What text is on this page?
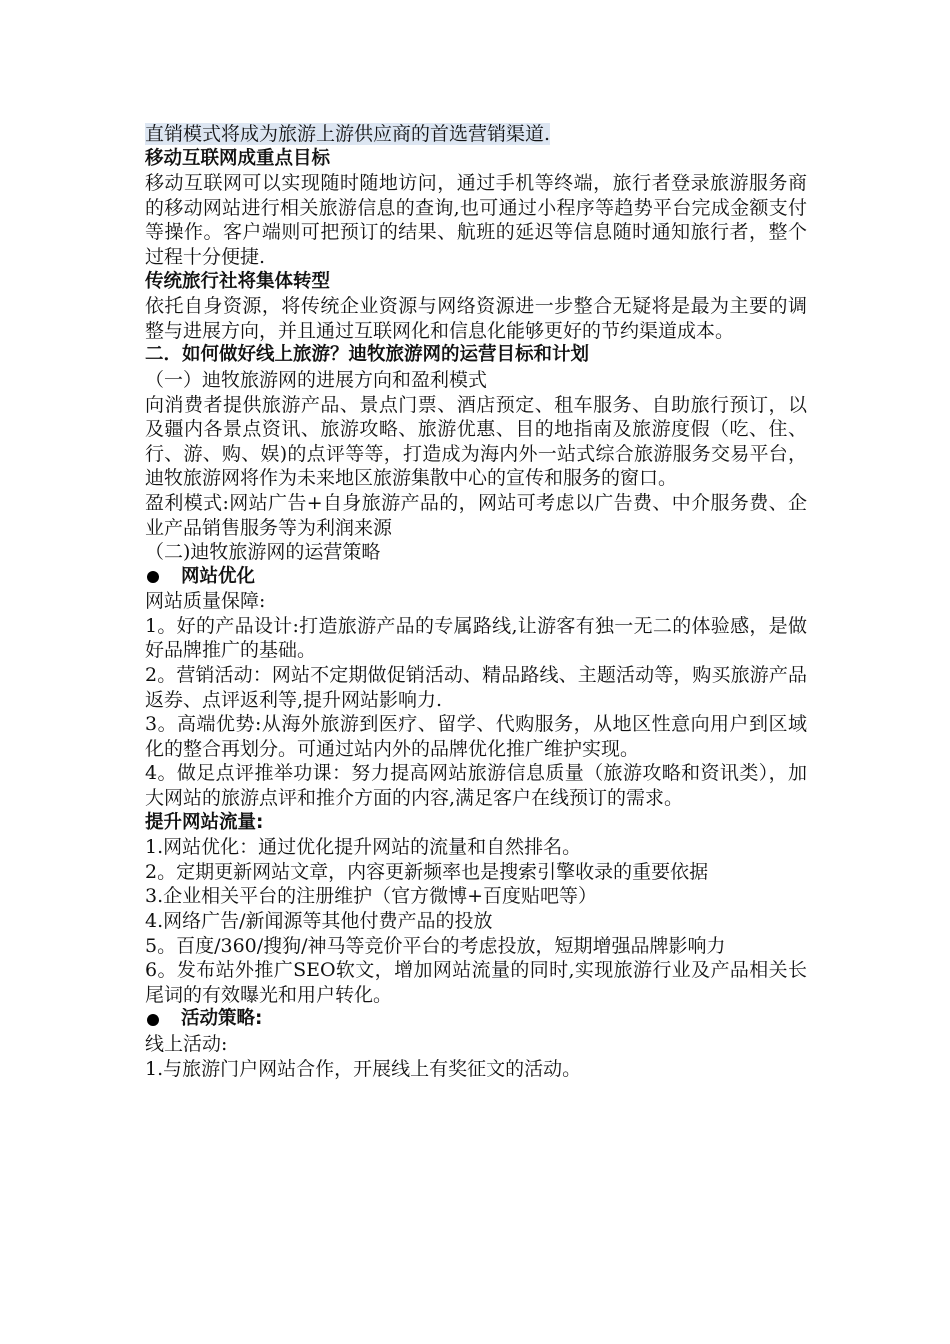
直销模式将成为旅游上游供应商的首选营销渠道.

移动互联网成重点目标

移动互联网可以实现随时随地访问，通过手机等终端，旅行者登录旅游服务商的移动网站进行相关旅游信息的查询,也可通过小程序等趋势平台完成金额支付等操作。客户端则可把预订的结果、航班的延迟等信息随时通知旅行者，整个过程十分便捷.

传统旅行社将集体转型

依托自身资源，将传统企业资源与网络资源进一步整合无疑将是最为主要的调整与进展方向，并且通过互联网化和信息化能够更好的节约渠道成本。

二．如何做好线上旅游？迪牧旅游网的运营目标和计划

（一）迪牧旅游网的进展方向和盈利模式

向消费者提供旅游产品、景点门票、酒店预定、租车服务、自助旅行预订，以及疆内各景点资讯、旅游攻略、旅游优惠、目的地指南及旅游度假（吃、住、行、游、购、娱)的点评等等，打造成为海内外一站式综合旅游服务交易平台，迪牧旅游网将作为未来地区旅游集散中心的宣传和服务的窗口。

盈利模式:网站广告+自身旅游产品的，网站可考虑以广告费、中介服务费、企业产品销售服务等为利润来源

（二)迪牧旅游网的运营策略

网站优化

网站质量保障:

1。好的产品设计:打造旅游产品的专属路线,让游客有独一无二的体验感，是做好品牌推广的基础。

2。营销活动：网站不定期做促销活动、精品路线、主题活动等，购买旅游产品返券、点评返利等,提升网站影响力.

3。高端优势:从海外旅游到医疗、留学、代购服务，从地区性意向用户到区域化的整合再划分。可通过站内外的品牌优化推广维护实现。

4。做足点评推举功课：努力提高网站旅游信息质量（旅游攻略和资讯类），加大网站的旅游点评和推介方面的内容,满足客户在线预订的需求。

提升网站流量:

1.网站优化：通过优化提升网站的流量和自然排名。

2。定期更新网站文章，内容更新频率也是搜索引擎收录的重要依据

3.企业相关平台的注册维护（官方微博+百度贴吧等）

4.网络广告/新闻源等其他付费产品的投放

5。百度/360/搜狗/神马等竞价平台的考虑投放，短期增强品牌影响力

6。发布站外推广SEO软文，增加网站流量的同时,实现旅游行业及产品相关长尾词的有效曝光和用户转化。

活动策略:

线上活动:

1.与旅游门户网站合作，开展线上有奖征文的活动。
